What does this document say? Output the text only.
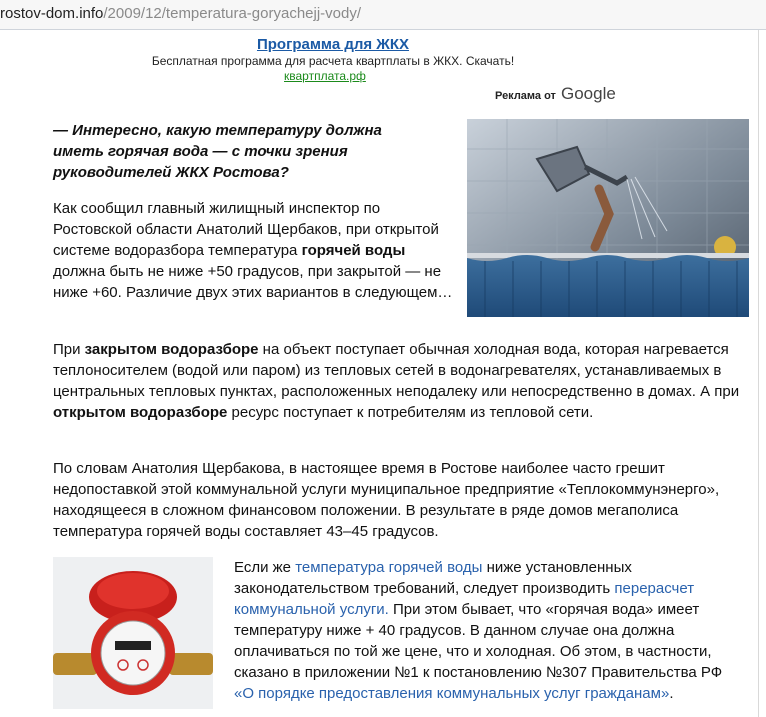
rostov-dom.info/2009/12/temperatura-goryachejj-vody/
Программа для ЖКХ
Бесплатная программа для расчета квартплаты в ЖКХ. Скачать!
квартплата.рф
Реклама от Google
— Интересно, какую температуру должна иметь горячая вода — с точки зрения руководителей ЖКХ Ростова?
Как сообщил главный жилищный инспектор по Ростовской области Анатолий Щербаков, при открытой системе водоразбора температура горячей воды должна быть не ниже +50 градусов, при закрытой — не ниже +60. Различие двух этих вариантов в следующем…
При закрытом водоразборе на объект поступает обычная холодная вода, которая нагревается теплоносителем (водой или паром) из тепловых сетей в водонагревателях, устанавливаемых в центральных тепловых пунктах, расположенных неподалеку или непосредственно в домах. А при открытом водоразборе ресурс поступает к потребителям из тепловой сети.
По словам Анатолия Щербакова, в настоящее время в Ростове наиболее часто грешит недопоставкой этой коммунальной услуги муниципальное предприятие «Теплокоммунэнерго», находящееся в сложном финансовом положении. В результате в ряде домов мегаполиса температура горячей воды составляет 43–45 градусов.
Если же температура горячей воды ниже установленных законодательством требований, следует производить перерасчет коммунальной услуги. При этом бывает, что «горячая вода» имеет температуру ниже + 40 градусов. В данном случае она должна оплачиваться по той же цене, что и холодная. Об этом, в частности, сказано в приложении №1 к постановлению №307 Правительства РФ «О порядке предоставления коммунальных услуг гражданам».
